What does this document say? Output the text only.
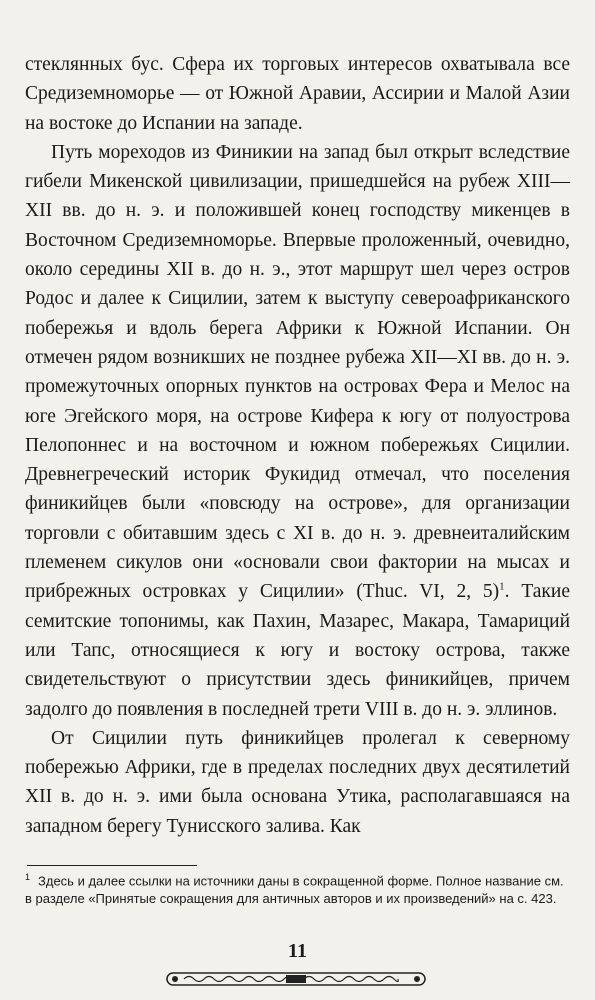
стеклянных бус. Сфера их торговых интересов охватывала все Средиземноморье — от Южной Аравии, Ассирии и Малой Азии на востоке до Испании на западе.

Путь мореходов из Финикии на запад был открыт вследствие гибели Микенской цивилизации, пришедшейся на рубеж XIII—XII вв. до н. э. и положившей конец господству микенцев в Восточном Средиземноморье. Впервые проложенный, очевидно, около середины XII в. до н. э., этот маршрут шел через остров Родос и далее к Сицилии, затем к выступу североафриканского побережья и вдоль берега Африки к Южной Испании. Он отмечен рядом возникших не позднее рубежа XII—XI вв. до н. э. промежуточных опорных пунктов на островах Фера и Мелос на юге Эгейского моря, на острове Кифера к югу от полуострова Пелопоннес и на восточном и южном побережьях Сицилии. Древнегреческий историк Фукидид отмечал, что поселения финикийцев были «повсюду на острове», для организации торговли с обитавшим здесь с XI в. до н. э. древнеиталийским племенем сикулов они «основали свои фактории на мысах и прибрежных островках у Сицилии» (Thuc. VI, 2, 5)$^1$. Такие семитские топонимы, как Пахин, Мазарес, Макара, Тамариций или Тапс, относящиеся к югу и востоку острова, также свидетельствуют о присутствии здесь финикийцев, причем задолго до появления в последней трети VIII в. до н. э. эллинов.

От Сицилии путь финикийцев пролегал к северному побережью Африки, где в пределах последних двух десятилетий XII в. до н. э. ими была основана Утика, располагавшаяся на западном берегу Тунисского залива. Как

$^1$ Здесь и далее ссылки на источники даны в сокращенной форме. Полное название см. в разделе «Принятые сокращения для античных авторов и их произведений» на с. 423.
11
